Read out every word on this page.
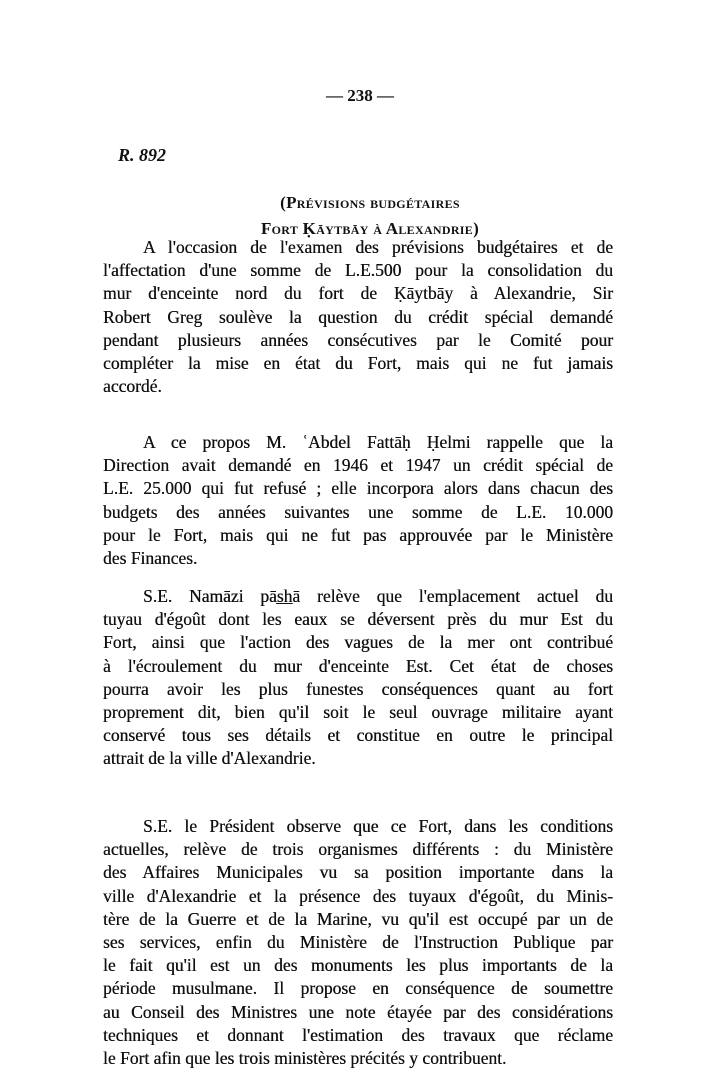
— 238 —
R. 892
(Prévisions budgétaires
Fort Ḳāytbāy à Alexandrie)
A l'occasion de l'examen des prévisions budgétaires et de
l'affectation d'une somme de L.E.500 pour la consolidation du
mur d'enceinte nord du fort de Ḳāytbāy à Alexandrie, Sir
Robert Greg soulève la question du crédit spécial demandé
pendant plusieurs années consécutives par le Comité pour
compléter la mise en état du Fort, mais qui ne fut jamais
accordé.
A ce propos M. ʿAbdel Fattāḥ Ḥelmi rappelle que la
Direction avait demandé en 1946 et 1947 un crédit spécial de
L.E. 25.000 qui fut refusé ; elle incorpora alors dans chacun des
budgets des années suivantes une somme de L.E. 10.000
pour le Fort, mais qui ne fut pas approuvée par le Ministère
des Finances.
S.E. Namāzi pās̲h̲ā relève que l'emplacement actuel du
tuyau d'égoût dont les eaux se déversent près du mur Est du
Fort, ainsi que l'action des vagues de la mer ont contribué
à l'écroulement du mur d'enceinte Est. Cet état de choses
pourra avoir les plus funestes conséquences quant au fort
proprement dit, bien qu'il soit le seul ouvrage militaire ayant
conservé tous ses détails et constitue en outre le principal
attrait de la ville d'Alexandrie.
S.E. le Président observe que ce Fort, dans les conditions
actuelles, relève de trois organismes différents : du Ministère
des Affaires Municipales vu sa position importante dans la
ville d'Alexandrie et la présence des tuyaux d'égoût, du Minis-
tère de la Guerre et de la Marine, vu qu'il est occupé par un de
ses services, enfin du Ministère de l'Instruction Publique par
le fait qu'il est un des monuments les plus importants de la
période musulmane. Il propose en conséquence de soumettre
au Conseil des Ministres une note étayée par des considérations
techniques et donnant l'estimation des travaux que réclame
le Fort afin que les trois ministères précités y contribuent.
